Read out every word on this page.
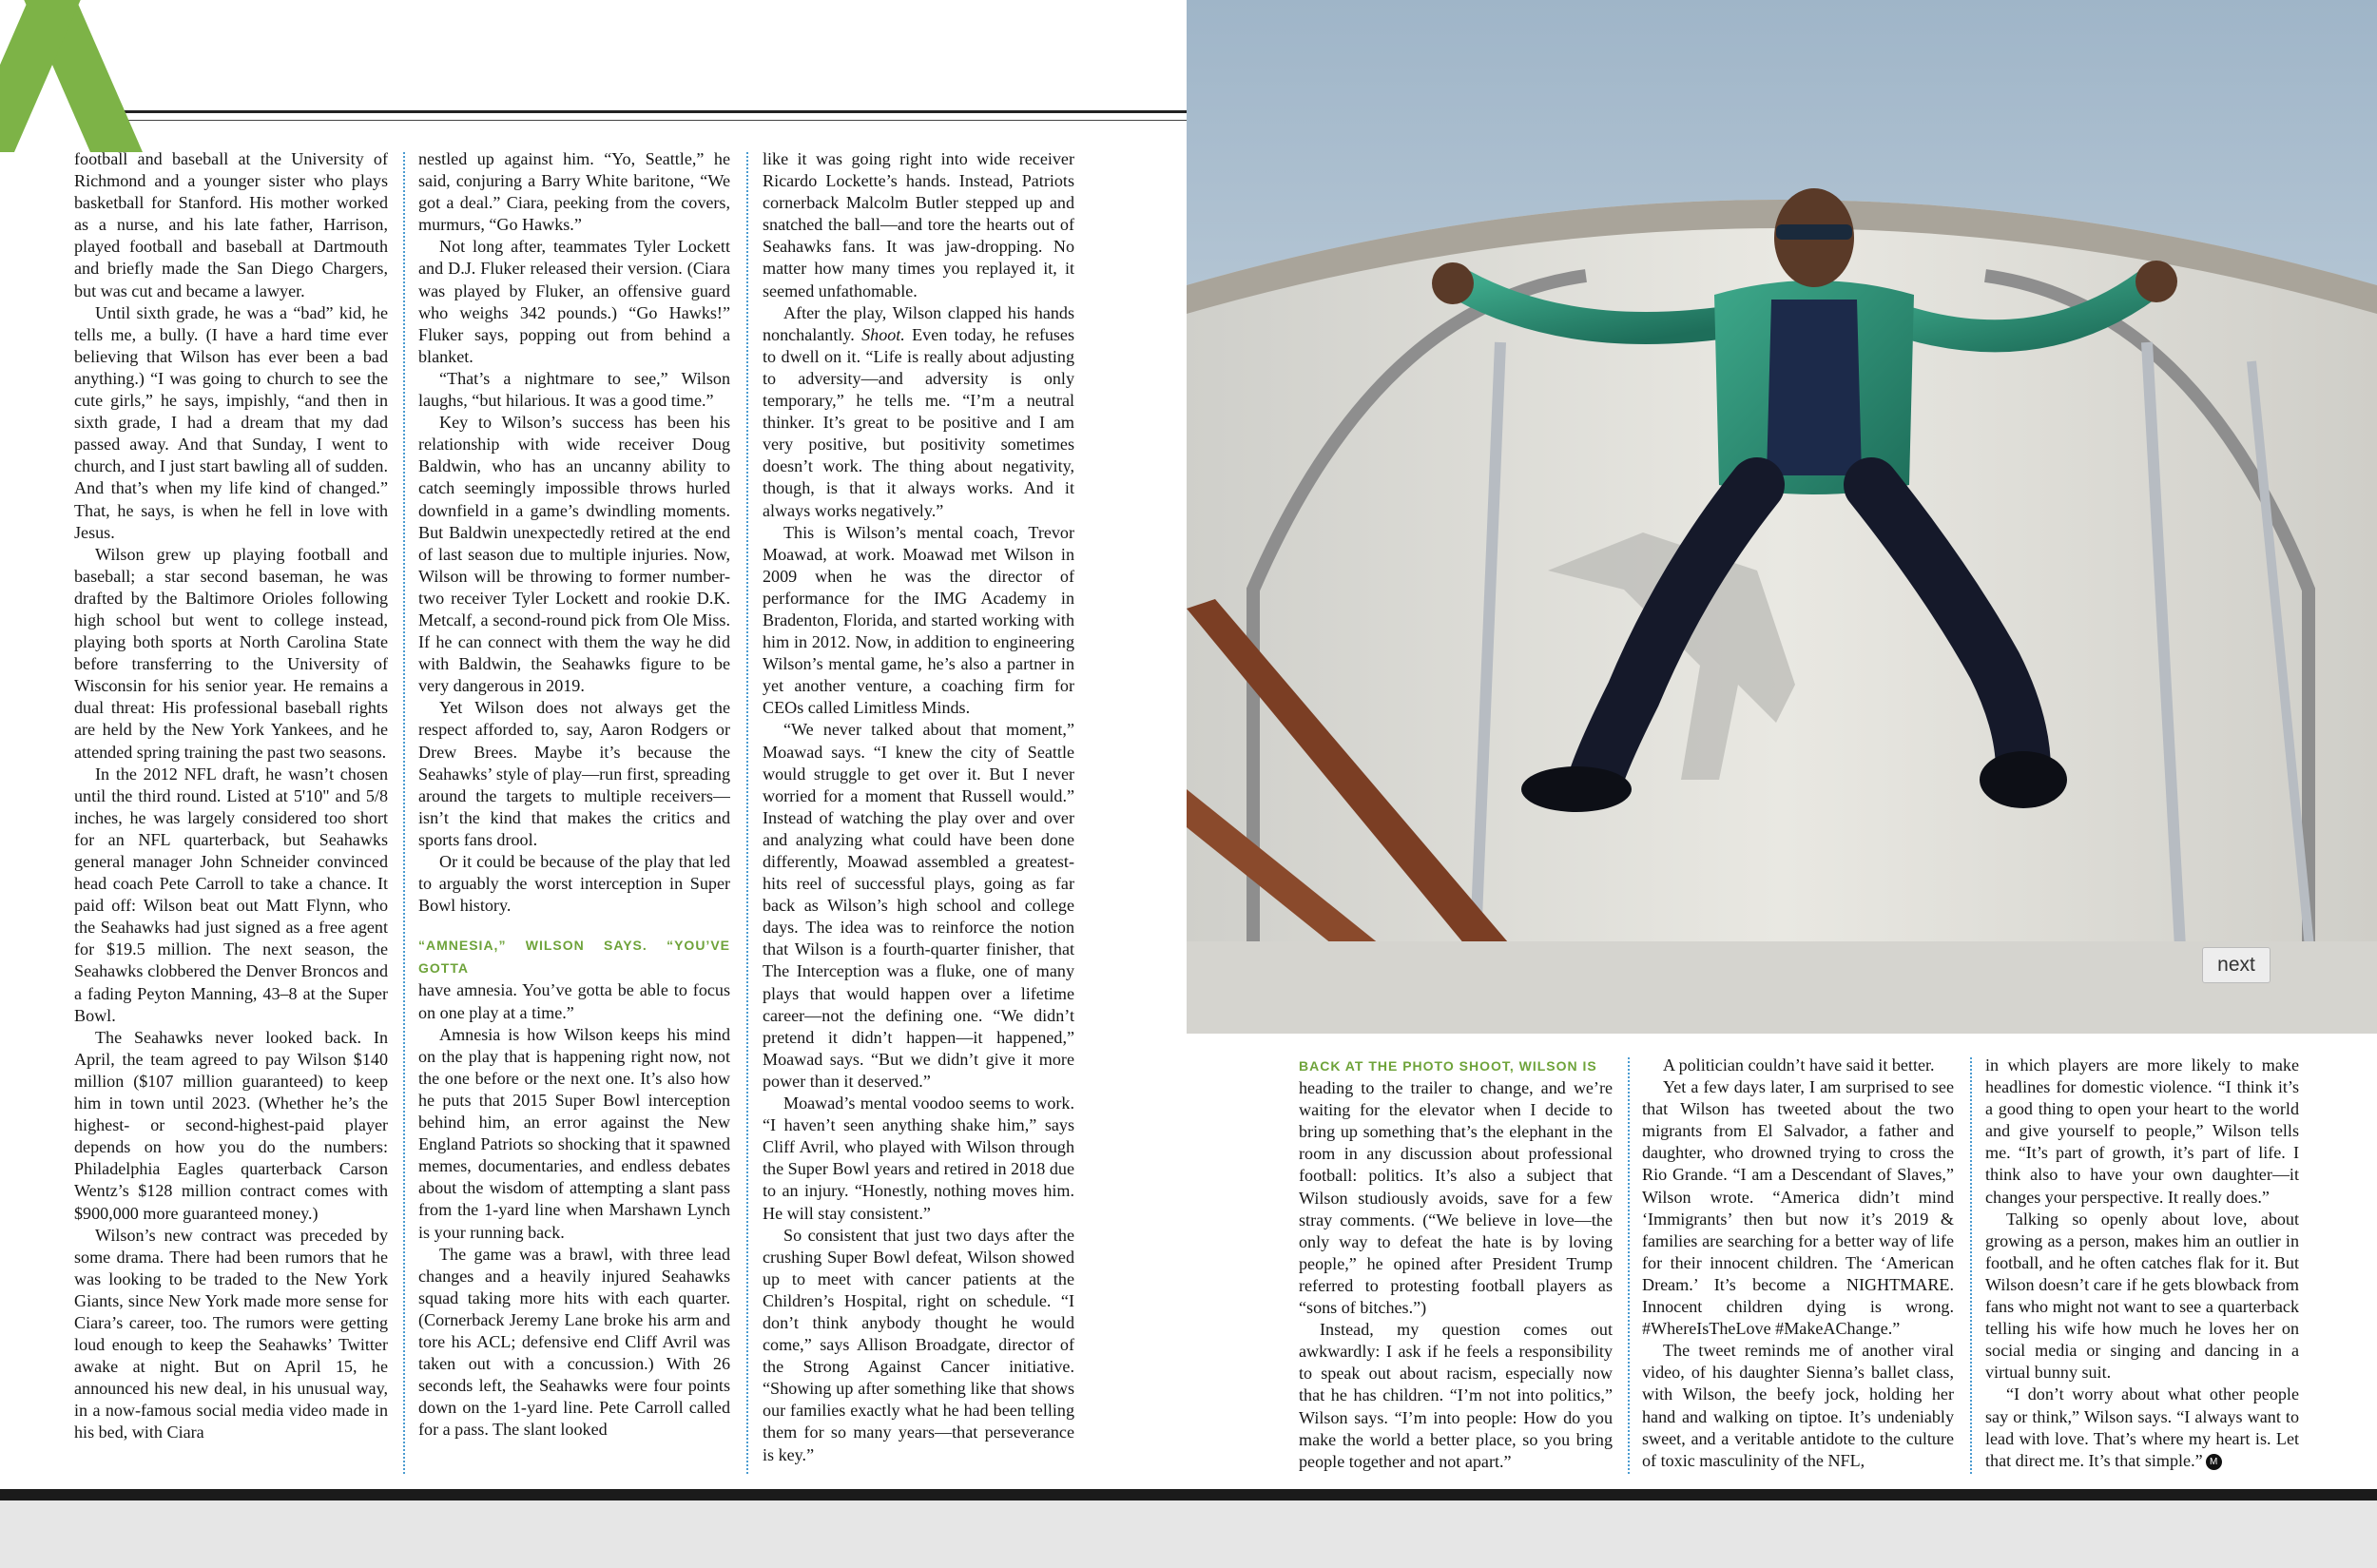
football and baseball at the University of Richmond and a younger sister who plays basketball for Stanford. His mother worked as a nurse, and his late father, Harrison, played football and baseball at Dartmouth and briefly made the San Diego Chargers, but was cut and became a lawyer.

Until sixth grade, he was a “bad” kid, he tells me, a bully. (I have a hard time ever believing that Wilson has ever been a bad anything.) “I was going to church to see the cute girls,” he says, impishly, “and then in sixth grade, I had a dream that my dad passed away. And that Sunday, I went to church, and I just start bawling all of sudden. And that’s when my life kind of changed.” That, he says, is when he fell in love with Jesus.

Wilson grew up playing football and baseball; a star second baseman, he was drafted by the Baltimore Orioles following high school but went to college instead, playing both sports at North Carolina State before transferring to the University of Wisconsin for his senior year. He remains a dual threat: His professional baseball rights are held by the New York Yankees, and he attended spring training the past two seasons.

In the 2012 NFL draft, he wasn’t chosen until the third round. Listed at 5'10" and 5/8 inches, he was largely considered too short for an NFL quarterback, but Seahawks general manager John Schneider convinced head coach Pete Carroll to take a chance. It paid off: Wilson beat out Matt Flynn, who the Seahawks had just signed as a free agent for $19.5 million. The next season, the Seahawks clobbered the Denver Broncos and a fading Peyton Manning, 43–8 at the Super Bowl.

The Seahawks never looked back. In April, the team agreed to pay Wilson $140 million ($107 million guaranteed) to keep him in town until 2023. (Whether he’s the highest- or second-highest-paid player depends on how you do the numbers: Philadelphia Eagles quarterback Carson Wentz’s $128 million contract comes with $900,000 more guaranteed money.)

Wilson’s new contract was preceded by some drama. There had been rumors that he was looking to be traded to the New York Giants, since New York made more sense for Ciara’s career, too. The rumors were getting loud enough to keep the Seahawks’ Twitter awake at night. But on April 15, he announced his new deal, in his unusual way, in a now-famous social media video made in his bed, with Ciara

nestled up against him. “Yo, Seattle,” he said, conjuring a Barry White baritone, “We got a deal.” Ciara, peeking from the covers, murmurs, “Go Hawks.”

Not long after, teammates Tyler Lockett and D.J. Fluker released their version. (Ciara was played by Fluker, an offensive guard who weighs 342 pounds.) “Go Hawks!” Fluker says, popping out from behind a blanket.

“That’s a nightmare to see,” Wilson laughs, “but hilarious. It was a good time.”

Key to Wilson’s success has been his relationship with wide receiver Doug Baldwin, who has an uncanny ability to catch seemingly impossible throws hurled downfield in a game’s dwindling moments. But Baldwin unexpectedly retired at the end of last season due to multiple injuries. Now, Wilson will be throwing to former number-two receiver Tyler Lockett and rookie D.K. Metcalf, a second-round pick from Ole Miss. If he can connect with them the way he did with Baldwin, the Seahawks figure to be very dangerous in 2019.

Yet Wilson does not always get the respect afforded to, say, Aaron Rodgers or Drew Brees. Maybe it’s because the Seahawks’ style of play—run first, spreading around the targets to multiple receivers—isn’t the kind that makes the critics and sports fans drool.

Or it could be because of the play that led to arguably the worst interception in Super Bowl history.

“AMNESIA,” WILSON SAYS. “YOU’VE GOTTA
have amnesia. You’ve gotta be able to focus on one play at a time.”

Amnesia is how Wilson keeps his mind on the play that is happening right now, not the one before or the next one. It’s also how he puts that 2015 Super Bowl interception behind him, an error against the New England Patriots so shocking that it spawned memes, documentaries, and endless debates about the wisdom of attempting a slant pass from the 1-yard line when Marshawn Lynch is your running back.

The game was a brawl, with three lead changes and a heavily injured Seahawks squad taking more hits with each quarter. (Cornerback Jeremy Lane broke his arm and tore his ACL; defensive end Cliff Avril was taken out with a concussion.) With 26 seconds left, the Seahawks were four points down on the 1-yard line. Pete Carroll called for a pass. The slant looked

like it was going right into wide receiver Ricardo Lockette’s hands. Instead, Patriots cornerback Malcolm Butler stepped up and snatched the ball—and tore the hearts out of Seahawks fans. It was jaw-dropping. No matter how many times you replayed it, it seemed unfathomable.

After the play, Wilson clapped his hands nonchalantly. Shoot. Even today, he refuses to dwell on it. “Life is really about adjusting to adversity—and adversity is only temporary,” he tells me. “I’m a neutral thinker. It’s great to be positive and I am very positive, but positivity sometimes doesn’t work. The thing about negativity, though, is that it always works. And it always works negatively.”

This is Wilson’s mental coach, Trevor Moawad, at work. Moawad met Wilson in 2009 when he was the director of performance for the IMG Academy in Bradenton, Florida, and started working with him in 2012. Now, in addition to engineering Wilson’s mental game, he’s also a partner in yet another venture, a coaching firm for CEOs called Limitless Minds.

“We never talked about that moment,” Moawad says. “I knew the city of Seattle would struggle to get over it. But I never worried for a moment that Russell would.” Instead of watching the play over and over and analyzing what could have been done differently, Moawad assembled a greatest-hits reel of successful plays, going as far back as Wilson’s high school and college days. The idea was to reinforce the notion that Wilson is a fourth-quarter finisher, that The Interception was a fluke, one of many plays that would happen over a lifetime career—not the defining one. “We didn’t pretend it didn’t happen—it happened,” Moawad says. “But we didn’t give it more power than it deserved.”

Moawad’s mental voodoo seems to work. “I haven’t seen anything shake him,” says Cliff Avril, who played with Wilson through the Super Bowl years and retired in 2018 due to an injury. “Honestly, nothing moves him. He will stay consistent.”

So consistent that just two days after the crushing Super Bowl defeat, Wilson showed up to meet with cancer patients at the Children’s Hospital, right on schedule. “I don’t think anybody thought he would come,” says Allison Broadgate, director of the Strong Against Cancer initiative. “Showing up after something like that shows our families exactly what he had been telling them for so many years—that perseverance is key.”

next

BACK AT THE PHOTO SHOOT, WILSON IS
heading to the trailer to change, and we’re waiting for the elevator when I decide to bring up something that’s the elephant in the room in any discussion about professional football: politics. It’s also a subject that Wilson studiously avoids, save for a few stray comments. (“We believe in love—the only way to defeat the hate is by loving people,” he opined after President Trump referred to protesting football players as “sons of bitches.”)

Instead, my question comes out awkwardly: I ask if he feels a responsibility to speak out about racism, especially now that he has children. “I’m not into politics,” Wilson says. “I’m into people: How do you make the world a better place, so you bring people together and not apart.”

A politician couldn’t have said it better.

Yet a few days later, I am surprised to see that Wilson has tweeted about the two migrants from El Salvador, a father and daughter, who drowned trying to cross the Rio Grande. “I am a Descendant of Slaves,” Wilson wrote. “America didn’t mind ‘Immigrants’ then but now it’s 2019 & families are searching for a better way of life for their innocent children. The ‘American Dream.’ It’s become a NIGHTMARE. Innocent children dying is wrong. #WhereIsTheLove #MakeAChange.”

The tweet reminds me of another viral video, of his daughter Sienna’s ballet class, with Wilson, the beefy jock, holding her hand and walking on tiptoe. It’s undeniably sweet, and a veritable antidote to the culture of toxic masculinity of the NFL,

in which players are more likely to make headlines for domestic violence. “I think it’s a good thing to open your heart to the world and give yourself to people,” Wilson tells me. “It’s part of growth, it’s part of life. I think also to have your own daughter—it changes your perspective. It really does.”

Talking so openly about love, about growing as a person, makes him an outlier in football, and he often catches flak for it. But Wilson doesn’t care if he gets blowback from fans who might not want to see a quarterback telling his wife how much he loves her on social media or singing and dancing in a virtual bunny suit.

“I don’t worry about what other people say or think,” Wilson says. “I always want to lead with love. That’s where my heart is. Let that direct me. It’s that simple.” M
